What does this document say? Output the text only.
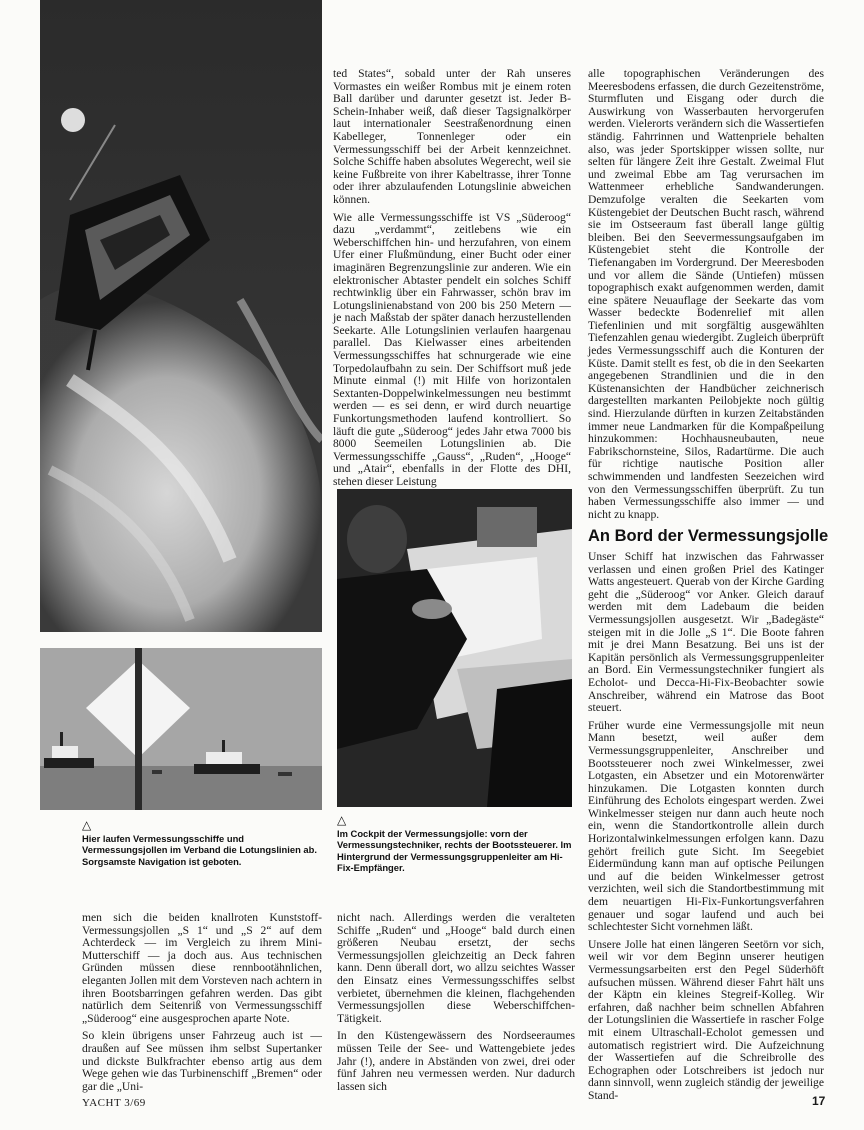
△
Hier laufen Vermessungsschiffe und Vermessungsjollen im Verband die Lotungslinien ab. Sorgsamste Navigation ist geboten.
△
Im Cockpit der Vermessungsjolle: vorn der Vermessungstechniker, rechts der Bootssteuerer. Im Hintergrund der Vermessungsgruppenleiter am Hi-Fix-Empfänger.

ted States“, sobald unter der Rah unseres Vormastes ein weißer Rombus mit je einem roten Ball darüber und darunter gesetzt ist. Jeder B-Schein-Inhaber weiß, daß dieser Tagsignalkörper laut internationaler Seestraßenordnung einen Kabelleger, Tonnenleger oder ein Vermessungsschiff bei der Arbeit kennzeichnet. Solche Schiffe haben absolutes Wegerecht, weil sie keine Fußbreite von ihrer Kabeltrasse, ihrer Tonne oder ihrer abzulaufenden Lotungslinie abweichen können.

Wie alle Vermessungsschiffe ist VS „Süderoog“ dazu „verdammt“, zeitlebens wie ein Weberschiffchen hin- und herzufahren, von einem Ufer einer Flußmündung, einer Bucht oder einer imaginären Begrenzungslinie zur anderen. Wie ein elektronischer Abtaster pendelt ein solches Schiff rechtwinklig über ein Fahrwasser, schön brav im Lotungslinienabstand von 200 bis 250 Metern — je nach Maßstab der später danach herzustellenden Seekarte. Alle Lotungslinien verlaufen haargenau parallel. Das Kielwasser eines arbeitenden Vermessungsschiffes hat schnurgerade wie eine Torpedolaufbahn zu sein. Der Schiffsort muß jede Minute einmal (!) mit Hilfe von horizontalen Sextanten-Doppelwinkelmessungen neu bestimmt werden — es sei denn, er wird durch neuartige Funkortungsmethoden laufend kontrolliert. So läuft die gute „Süderoog“ jedes Jahr etwa 7000 bis 8000 Seemeilen Lotungslinien ab. Die Vermessungsschiffe „Gauss“, „Ruden“, „Hooge“ und „Atair“, ebenfalls in der Flotte des DHI, stehen dieser Leistung

alle topographischen Veränderungen des Meeresbodens erfassen, die durch Gezeitenströme, Sturmfluten und Eisgang oder durch die Auswirkung von Wasserbauten hervorgerufen werden. Vielerorts verändern sich die Wassertiefen ständig. Fahrrinnen und Wattenpriele behalten also, was jeder Sportskipper wissen sollte, nur selten für längere Zeit ihre Gestalt. Zweimal Flut und zweimal Ebbe am Tag verursachen im Wattenmeer erhebliche Sandwanderungen. Demzufolge veralten die Seekarten vom Küstengebiet der Deutschen Bucht rasch, während sie im Ostseeraum fast überall lange gültig bleiben. Bei den Seevermessungsaufgaben im Küstengebiet steht die Kontrolle der Tiefenangaben im Vordergrund. Der Meeresboden und vor allem die Sände (Untiefen) müssen topographisch exakt aufgenommen werden, damit eine spätere Neuauflage der Seekarte das vom Wasser bedeckte Bodenrelief mit allen Tiefenlinien und mit sorgfältig ausgewählten Tiefenzahlen genau wiedergibt. Zugleich überprüft jedes Vermessungsschiff auch die Konturen der Küste. Damit stellt es fest, ob die in den Seekarten angegebenen Strandlinien und die in den Küstenansichten der Handbücher zeichnerisch dargestellten markanten Peilobjekte noch gültig sind. Hierzulande dürften in kurzen Zeitabständen immer neue Landmarken für die Kompaßpeilung hinzukommen: Hochhausneubauten, neue Fabrikschornsteine, Silos, Radartürme. Die auch für richtige nautische Position aller schwimmenden und landfesten Seezeichen wird von den Vermessungsschiffen überprüft. Zu tun haben Vermessungsschiffe also immer — und nicht zu knapp.

An Bord der Vermessungsjolle

Unser Schiff hat inzwischen das Fahrwasser verlassen und einen großen Priel des Katinger Watts angesteuert. Querab von der Kirche Garding geht die „Süderoog“ vor Anker. Gleich darauf werden mit dem Ladebaum die beiden Vermessungsjollen ausgesetzt. Wir „Badegäste“ steigen mit in die Jolle „S 1“. Die Boote fahren mit je drei Mann Besatzung. Bei uns ist der Kapitän persönlich als Vermessungsgruppenleiter an Bord. Ein Vermessungstechniker fungiert als Echolot- und Decca-Hi-Fix-Beobachter sowie Anschreiber, während ein Matrose das Boot steuert.

Früher wurde eine Vermessungsjolle mit neun Mann besetzt, weil außer dem Vermessungsgruppenleiter, Anschreiber und Bootssteuerer noch zwei Winkelmesser, zwei Lotgasten, ein Absetzer und ein Motorenwärter hinzukamen. Die Lotgasten konnten durch Einführung des Echolots eingespart werden. Zwei Winkelmesser steigen nur dann auch heute noch ein, wenn die Standortkontrolle allein durch Horizontalwinkelmessungen erfolgen kann. Dazu gehört freilich gute Sicht. Im Seegebiet Eidermündung kann man auf optische Peilungen und auf die beiden Winkelmesser getrost verzichten, weil sich die Standortbestimmung mit dem neuartigen Hi-Fix-Funkortungsverfahren genauer und sogar laufend und auch bei schlechtester Sicht vornehmen läßt.

Unsere Jolle hat einen längeren Seetörn vor sich, weil wir vor dem Beginn unserer heutigen Vermessungsarbeiten erst den Pegel Süderhöft aufsuchen müssen. Während dieser Fahrt hält uns der Käptn ein kleines Stegreif-Kolleg. Wir erfahren, daß nachher beim schnellen Abfahren der Lotungslinien die Wassertiefe in rascher Folge mit einem Ultraschall-Echolot gemessen und automatisch registriert wird. Die Aufzeichnung der Wassertiefen auf die Schreibrolle des Echographen oder Lotschreibers ist jedoch nur dann sinnvoll, wenn zugleich ständig der jeweilige Stand-

men sich die beiden knallroten Kunststoff-Vermessungsjollen „S 1“ und „S 2“ auf dem Achterdeck — im Vergleich zu ihrem Mini-Mutterschiff — ja doch aus. Aus technischen Gründen müssen diese rennbootähnlichen, eleganten Jollen mit dem Vorsteven nach achtern in ihren Bootsbarringen gefahren werden. Das gibt natürlich dem Seitenriß von Vermessungsschiff „Süderoog“ eine ausgesprochen aparte Note.

So klein übrigens unser Fahrzeug auch ist — draußen auf See müssen ihm selbst Supertanker und dickste Bulkfrachter ebenso artig aus dem Wege gehen wie das Turbinenschiff „Bremen“ oder gar die „Uni-

nicht nach. Allerdings werden die veralteten Schiffe „Ruden“ und „Hooge“ bald durch einen größeren Neubau ersetzt, der sechs Vermessungsjollen gleichzeitig an Deck fahren kann. Denn überall dort, wo allzu seichtes Wasser den Einsatz eines Vermessungsschiffes selbst verbietet, übernehmen die kleinen, flachgehenden Vermessungsjollen diese Weberschiffchen-Tätigkeit.

In den Küstengewässern des Nordseeraumes müssen Teile der See- und Wattengebiete jedes Jahr (!), andere in Abständen von zwei, drei oder fünf Jahren neu vermessen werden. Nur dadurch lassen sich

YACHT 3/69	17
